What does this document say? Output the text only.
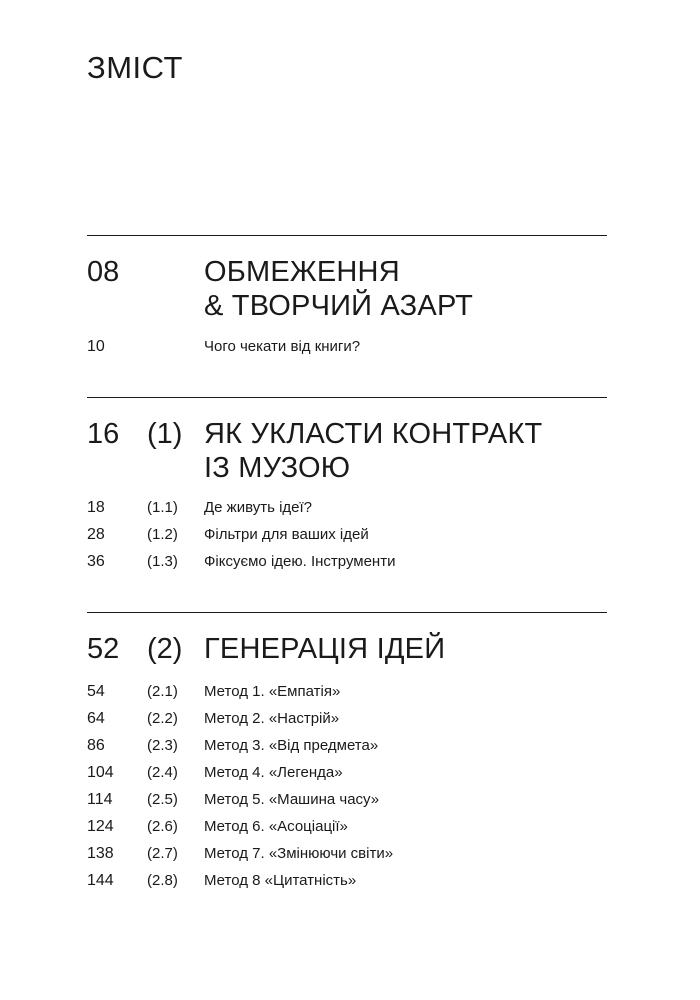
ЗМІСТ
08	ОБМЕЖЕННЯ
& ТВОРЧИЙ АЗАРТ
10	Чого чекати від книги?
16 (1) ЯК УКЛАСТИ КОНТРАКТ
ІЗ МУЗОЮ
18	(1.1) Де живуть ідеї?
28	(1.2) Фільтри для ваших ідей
36	(1.3) Фіксуємо ідею. Інструменти
52 (2) ГЕНЕРАЦІЯ ІДЕЙ
54	(2.1) Метод 1. «Емпатія»
64	(2.2) Метод 2. «Настрій»
86	(2.3) Метод 3. «Від предмета»
104 (2.4) Метод 4. «Легенда»
114 (2.5) Метод 5. «Машина часу»
124 (2.6) Метод 6. «Асоціації»
138 (2.7) Метод 7. «Змінюючи світи»
144 (2.8) Метод 8 «Цитатність»
